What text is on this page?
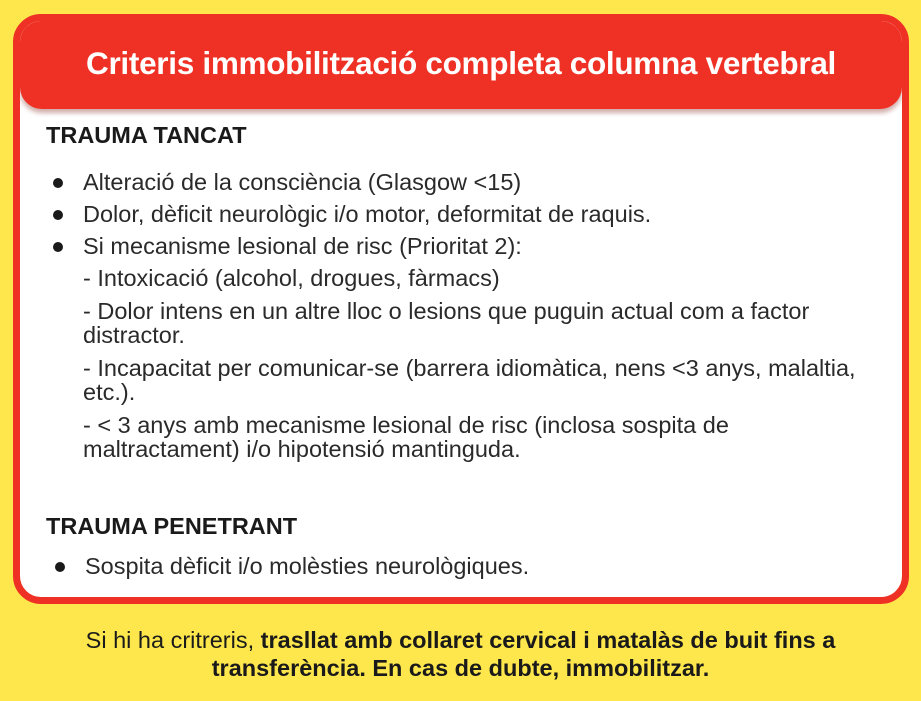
Criteris immobilització completa columna vertebral
TRAUMA TANCAT
Alteració de la consciència (Glasgow <15)
Dolor, dèficit neurològic i/o motor, deformitat de raquis.
Si mecanisme lesional de risc (Prioritat 2):
- Intoxicació (alcohol, drogues, fàrmacs)
- Dolor intens en un altre lloc o lesions que puguin actual com a factor distractor.
- Incapacitat per comunicar-se (barrera idiomàtica, nens <3 anys, malaltia, etc.).
- < 3 anys amb mecanisme lesional de risc (inclosa sospita de maltractament) i/o hipotensió mantinguda.
TRAUMA PENETRANT
Sospita dèficit i/o molèsties neurològiques.
Si hi ha critreris, trasllat amb collaret cervical i matalàs de buit fins a
transferència. En cas de dubte, immobilitzar.
